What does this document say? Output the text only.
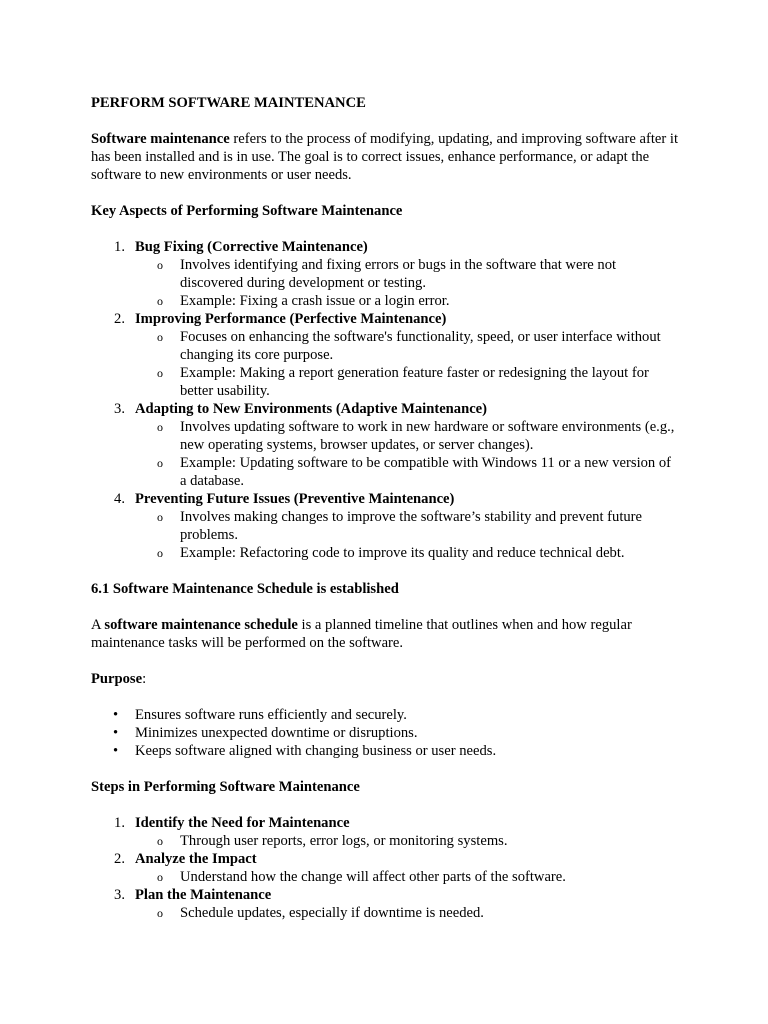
PERFORM SOFTWARE MAINTENANCE

Software maintenance refers to the process of modifying, updating, and improving software after it has been installed and is in use. The goal is to correct issues, enhance performance, or adapt the software to new environments or user needs.

Key Aspects of Performing Software Maintenance

1. Bug Fixing (Corrective Maintenance)
o Involves identifying and fixing errors or bugs in the software that were not discovered during development or testing.
o Example: Fixing a crash issue or a login error.
2. Improving Performance (Perfective Maintenance)
o Focuses on enhancing the software's functionality, speed, or user interface without changing its core purpose.
o Example: Making a report generation feature faster or redesigning the layout for better usability.
3. Adapting to New Environments (Adaptive Maintenance)
o Involves updating software to work in new hardware or software environments (e.g., new operating systems, browser updates, or server changes).
o Example: Updating software to be compatible with Windows 11 or a new version of a database.
4. Preventing Future Issues (Preventive Maintenance)
o Involves making changes to improve the software’s stability and prevent future problems.
o Example: Refactoring code to improve its quality and reduce technical debt.

6.1 Software Maintenance Schedule is established

A software maintenance schedule is a planned timeline that outlines when and how regular maintenance tasks will be performed on the software.

Purpose:

• Ensures software runs efficiently and securely.
• Minimizes unexpected downtime or disruptions.
• Keeps software aligned with changing business or user needs.

Steps in Performing Software Maintenance

1. Identify the Need for Maintenance
o Through user reports, error logs, or monitoring systems.
2. Analyze the Impact
o Understand how the change will affect other parts of the software.
3. Plan the Maintenance
o Schedule updates, especially if downtime is needed.
